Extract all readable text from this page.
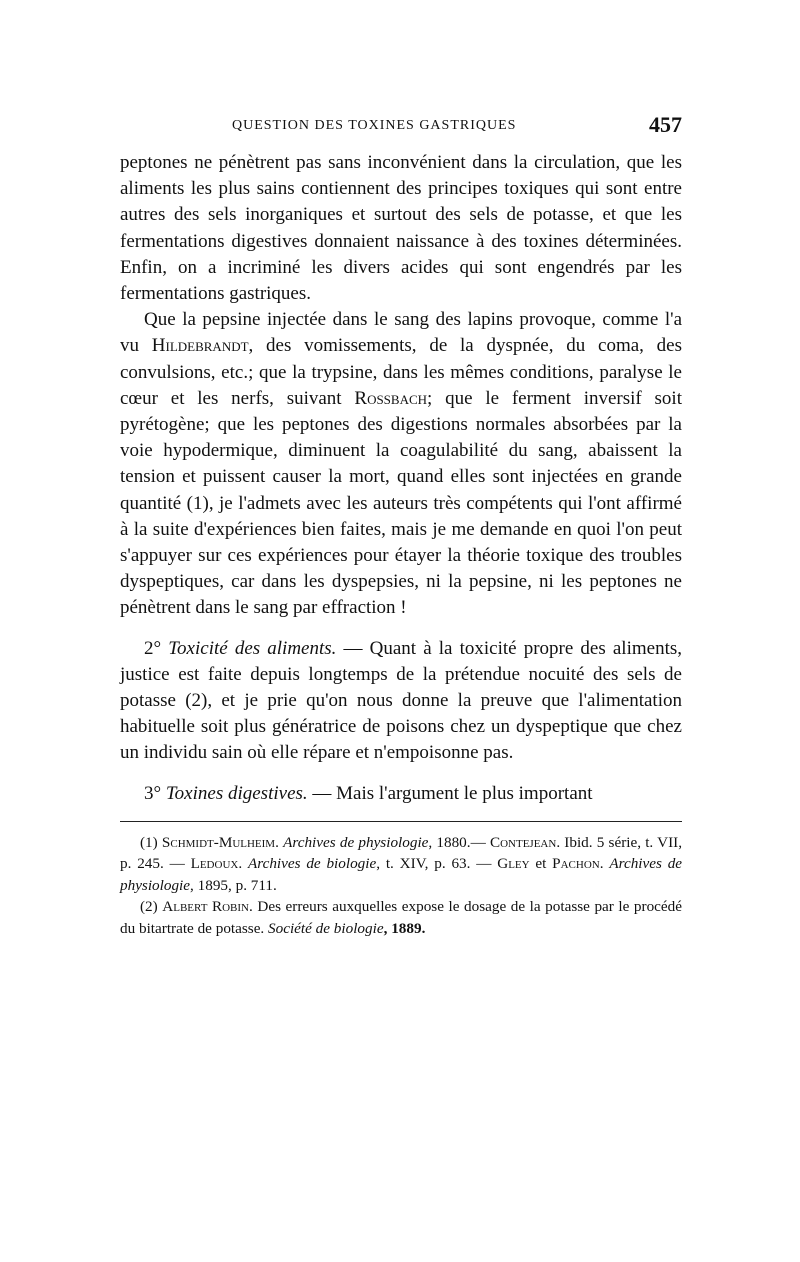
QUESTION DES TOXINES GASTRIQUES	457

peptones ne pénètrent pas sans inconvénient dans la circulation, que les aliments les plus sains contiennent des principes toxiques qui sont entre autres des sels inorganiques et surtout des sels de potasse, et que les fermentations digestives donnaient naissance à des toxines déterminées. Enfin, on a incriminé les divers acides qui sont engendrés par les fermentations gastriques.

Que la pepsine injectée dans le sang des lapins provoque, comme l'a vu Hildebrandt, des vomissements, de la dyspnée, du coma, des convulsions, etc.; que la trypsine, dans les mêmes conditions, paralyse le cœur et les nerfs, suivant Rossbach; que le ferment inversif soit pyrétogène; que les peptones des digestions normales absorbées par la voie hypodermique, diminuent la coagulabilité du sang, abaissent la tension et puissent causer la mort, quand elles sont injectées en grande quantité (1), je l'admets avec les auteurs très compétents qui l'ont affirmé à la suite d'expériences bien faites, mais je me demande en quoi l'on peut s'appuyer sur ces expériences pour étayer la théorie toxique des troubles dyspeptiques, car dans les dyspepsies, ni la pepsine, ni les peptones ne pénètrent dans le sang par effraction !

2° Toxicité des aliments. — Quant à la toxicité propre des aliments, justice est faite depuis longtemps de la prétendue nocuité des sels de potasse (2), et je prie qu'on nous donne la preuve que l'alimentation habituelle soit plus génératrice de poisons chez un dyspeptique que chez un individu sain où elle répare et n'empoisonne pas.

3° Toxines digestives. — Mais l'argument le plus important

(1) Schmidt-Mulheim. Archives de physiologie, 1880.— Contejean. Ibid. 5 série, t. VII, p. 245. — Ledoux. Archives de biologie, t. XIV, p. 63. — Gley et Pachon. Archives de physiologie, 1895, p. 711.

(2) Albert Robin. Des erreurs auxquelles expose le dosage de la potasse par le procédé du bitartrate de potasse. Société de biologie, 1889.
